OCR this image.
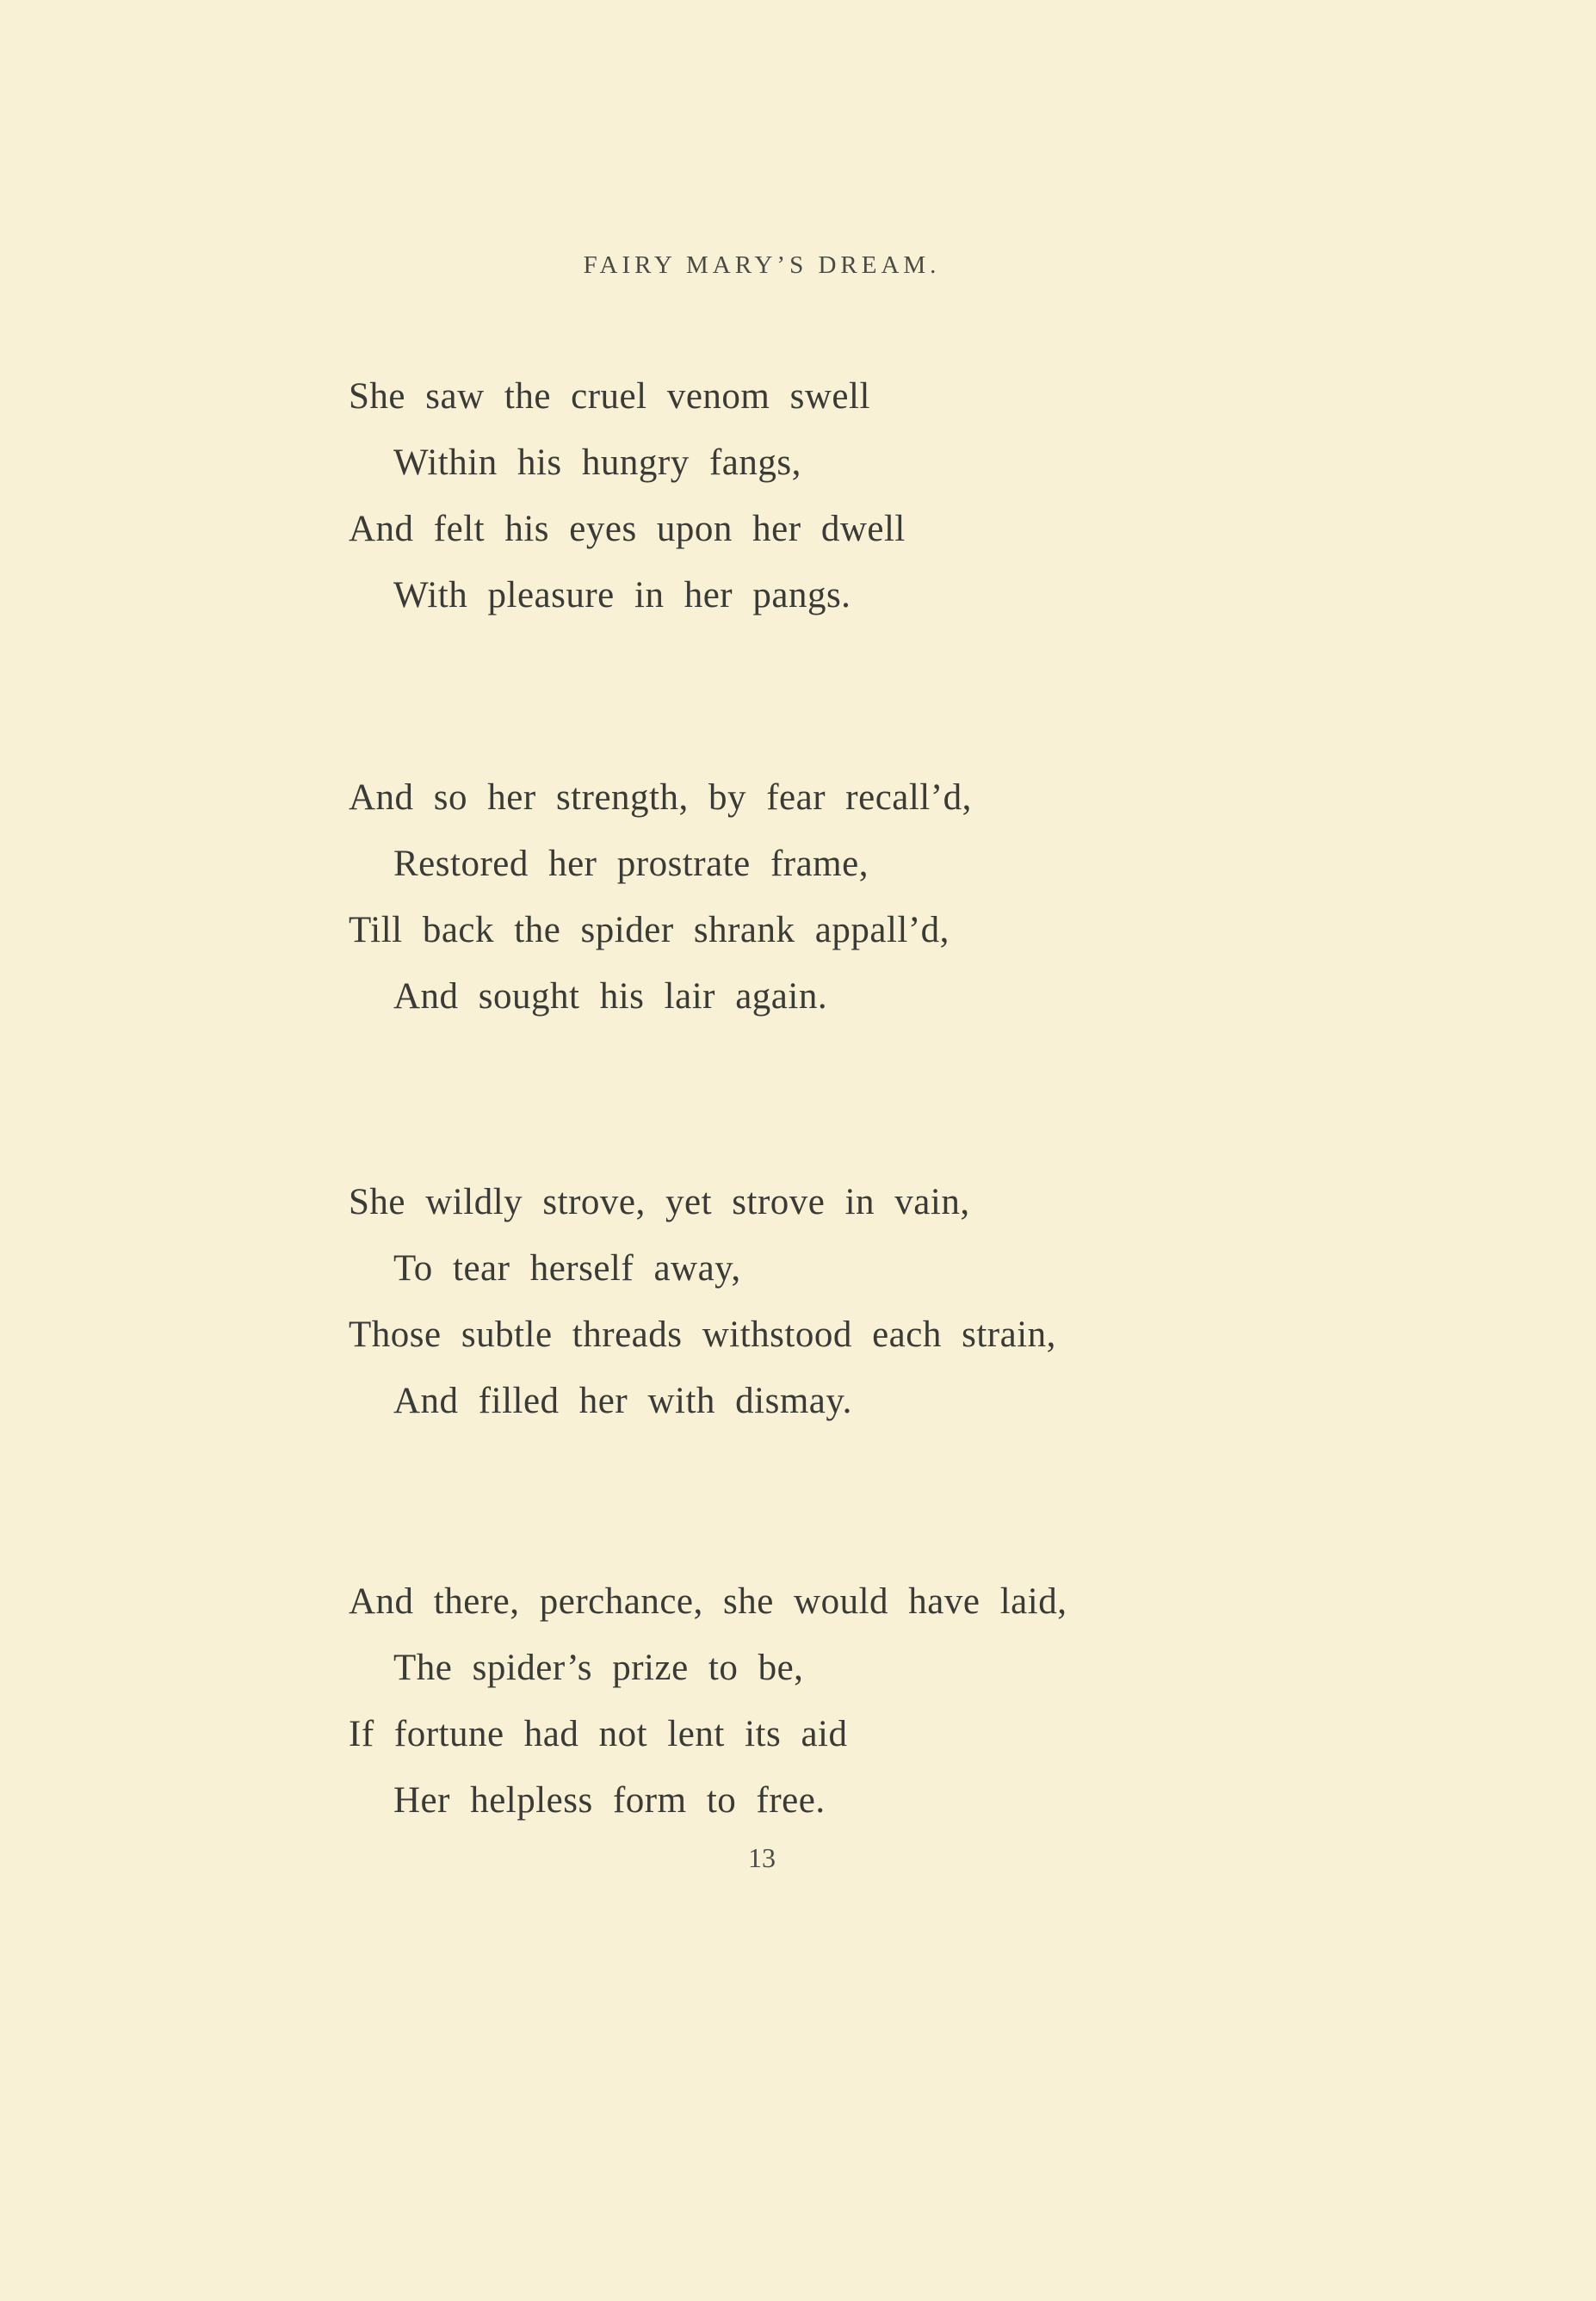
FAIRY MARY’S DREAM.
She saw the cruel venom swell
Within his hungry fangs,
And felt his eyes upon her dwell
With pleasure in her pangs.
And so her strength, by fear recall’d,
Restored her prostrate frame,
Till back the spider shrank appall’d,
And sought his lair again.
She wildly strove, yet strove in vain,
To tear herself away,
Those subtle threads withstood each strain,
And filled her with dismay.
And there, perchance, she would have laid,
The spider’s prize to be,
If fortune had not lent its aid
Her helpless form to free.
13
